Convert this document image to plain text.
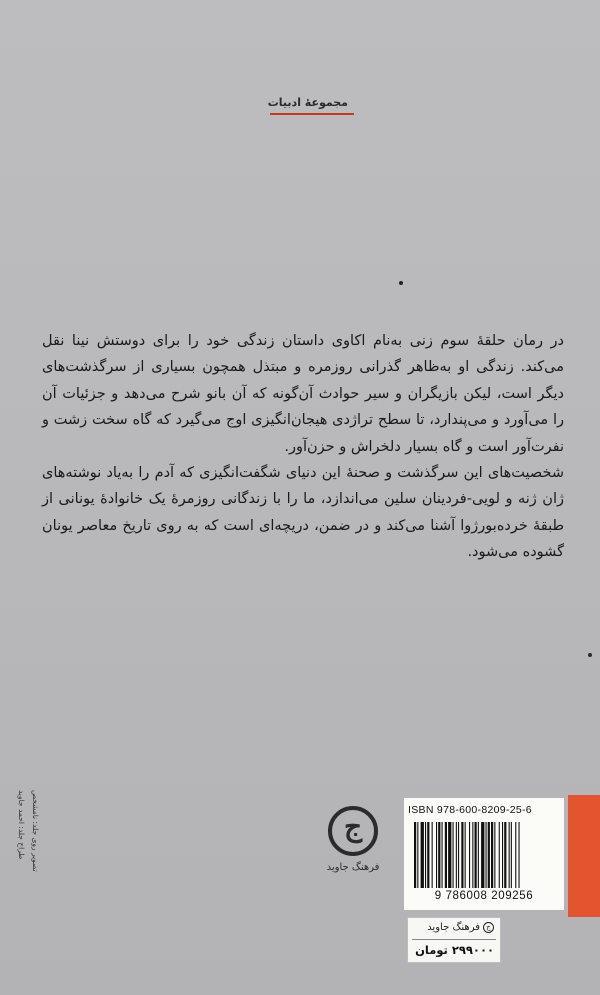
مجموعهٔ ادبیات

در رمان حلقهٔ سوم زنی به‌نام اکاوی داستان زندگی خود را برای دوستش نینا نقل می‌کند. زندگی او به‌ظاهر گذرانی روزمره و مبتذل همچون بسیاری از سرگذشت‌های دیگر است، لیکن بازیگران و سیر حوادث آن‌گونه که آن بانو شرح می‌دهد و جزئیات آن را می‌آورد و می‌پندارد، تا سطح تراژدی هیجان‌انگیزی اوج می‌گیرد که گاه سخت زشت و نفرت‌آور است و گاه بسیار دلخراش و حزن‌آور.

شخصیت‌های این سرگذشت و صحنهٔ این دنیای شگفت‌انگیزی که آدم را به‌یاد نوشته‌های ژان ژنه و لویی-فردینان سلین می‌اندازد، ما را با زندگانی روزمرهٔ یک خانوادهٔ یونانی از طبقهٔ خرده‌بورژوا آشنا می‌کند و در ضمن، دریچه‌ای است که به روی تاریخ معاصر یونان گشوده می‌شود.

طراح جلد: احمد جاوید تصویر روی جلد: نامشخص	ج
فرهنگ جاوید
ISBN 978-600-8209-25-6
9 786008 209256
ج
فرهنگ جاوید
۲۹۹۰۰۰ تومان
